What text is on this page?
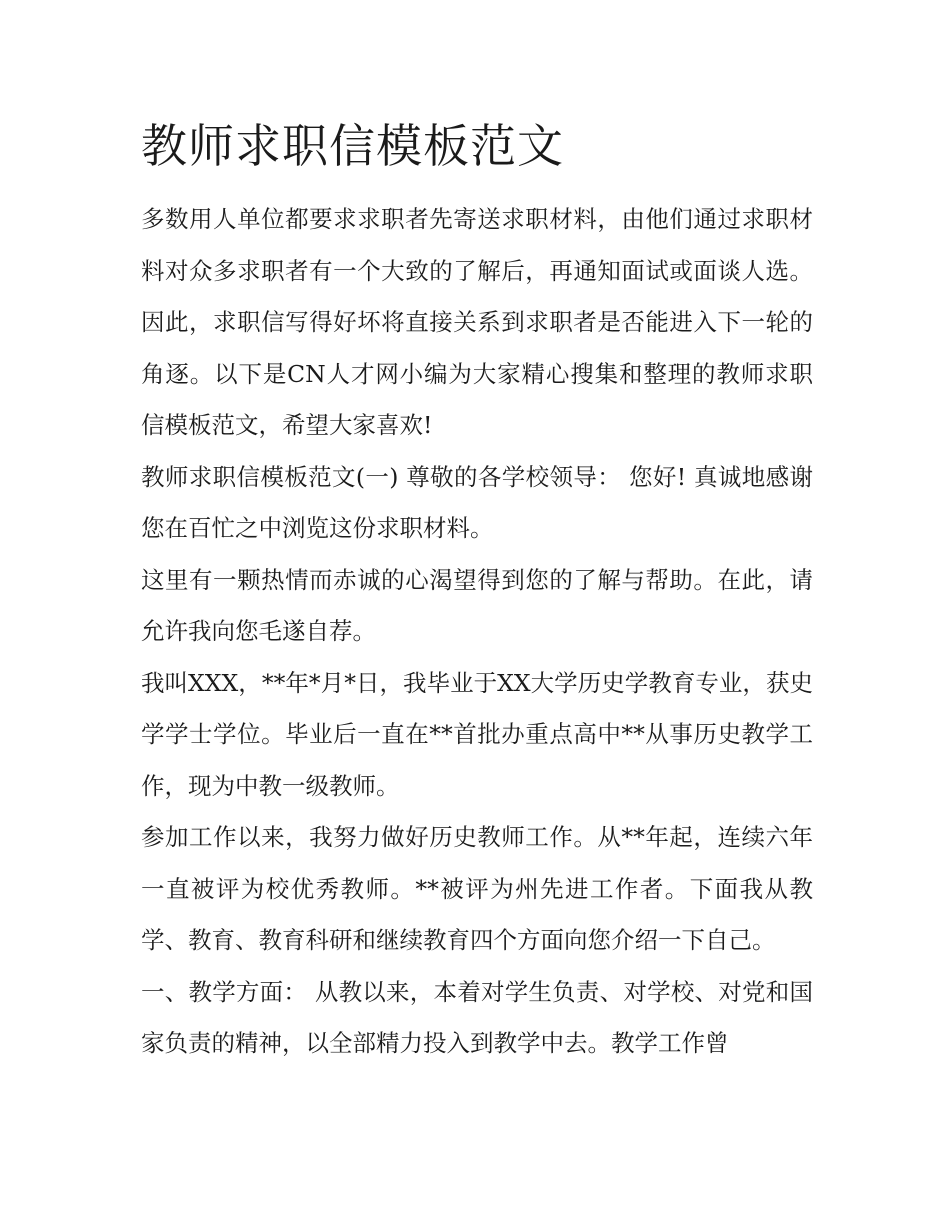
教师求职信模板范文

多数用人单位都要求求职者先寄送求职材料，由他们通过求职材料对众多求职者有一个大致的了解后，再通知面试或面谈人选。因此，求职信写得好坏将直接关系到求职者是否能进入下一轮的角逐。以下是CN人才网小编为大家精心搜集和整理的教师求职信模板范文，希望大家喜欢!

教师求职信模板范文(一) 尊敬的各学校领导： 您好! 真诚地感谢您在百忙之中浏览这份求职材料。

这里有一颗热情而赤诚的心渴望得到您的了解与帮助。在此，请允许我向您毛遂自荐。

我叫XXX，**年*月*日，我毕业于XX大学历史学教育专业，获史学学士学位。毕业后一直在**首批办重点高中**从事历史教学工作，现为中教一级教师。

参加工作以来，我努力做好历史教师工作。从**年起，连续六年一直被评为校优秀教师。**被评为州先进工作者。下面我从教学、教育、教育科研和继续教育四个方面向您介绍一下自己。

一、教学方面： 从教以来，本着对学生负责、对学校、对党和国家负责的精神，以全部精力投入到教学中去。教学工作曾
